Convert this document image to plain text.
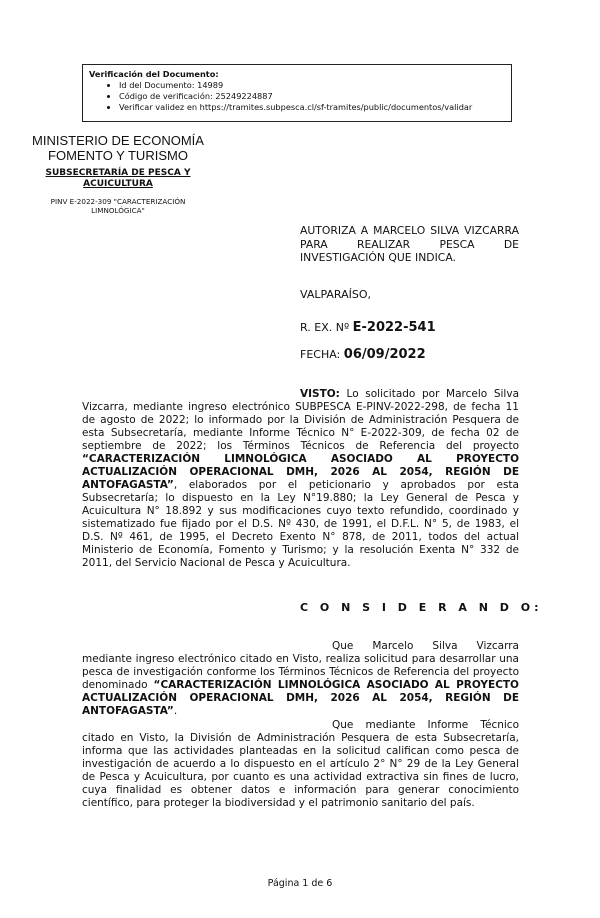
Verificación del Documento:
• Id del Documento: 14989
• Código de verificación: 25249224887
• Verificar validez en https://tramites.subpesca.cl/sf-tramites/public/documentos/validar
MINISTERIO DE ECONOMÍA
FOMENTO Y TURISMO
SUBSECRETARÍA DE PESCA Y
ACUICULTURA
PINV E-2022-309 "CARACTERIZACIÓN
LIMNOLÓGICA"
AUTORIZA A MARCELO SILVA VIZCARRA PARA REALIZAR PESCA DE INVESTIGACIÓN QUE INDICA.
VALPARAÍSO,
R. EX. Nº E-2022-541
FECHA: 06/09/2022
VISTO: Lo solicitado por Marcelo Silva Vizcarra, mediante ingreso electrónico SUBPESCA E-PINV-2022-298, de fecha 11 de agosto de 2022; lo informado por la División de Administración Pesquera de esta Subsecretaría, mediante Informe Técnico N° E-2022-309, de fecha 02 de septiembre de 2022; los Términos Técnicos de Referencia del proyecto “CARACTERIZACIÓN LIMNOLÓGICA ASOCIADO AL PROYECTO ACTUALIZACIÓN OPERACIONAL DMH, 2026 AL 2054, REGIÓN DE ANTOFAGASTA”, elaborados por el peticionario y aprobados por esta Subsecretaría; lo dispuesto en la Ley N°19.880; la Ley General de Pesca y Acuicultura N° 18.892 y sus modificaciones cuyo texto refundido, coordinado y sistematizado fue fijado por el D.S. Nº 430, de 1991, el D.F.L. N° 5, de 1983, el D.S. Nº 461, de 1995, el Decreto Exento N° 878, de 2011, todos del actual Ministerio de Economía, Fomento y Turismo; y la resolución Exenta N° 332 de 2011, del Servicio Nacional de Pesca y Acuicultura.
C O N S I D E R A N D O:
Que Marcelo Silva Vizcarra mediante ingreso electrónico citado en Visto, realiza solicitud para desarrollar una pesca de investigación conforme los Términos Técnicos de Referencia del proyecto denominado “CARACTERIZACIÓN LIMNOLÓGICA ASOCIADO AL PROYECTO ACTUALIZACIÓN OPERACIONAL DMH, 2026 AL 2054, REGIÓN DE ANTOFAGASTA”.
Que mediante Informe Técnico citado en Visto, la División de Administración Pesquera de esta Subsecretaría, informa que las actividades planteadas en la solicitud califican como pesca de investigación de acuerdo a lo dispuesto en el artículo 2° N° 29 de la Ley General de Pesca y Acuicultura, por cuanto es una actividad extractiva sin fines de lucro, cuya finalidad es obtener datos e información para generar conocimiento científico, para proteger la biodiversidad y el patrimonio sanitario del país.
Página 1 de 6
